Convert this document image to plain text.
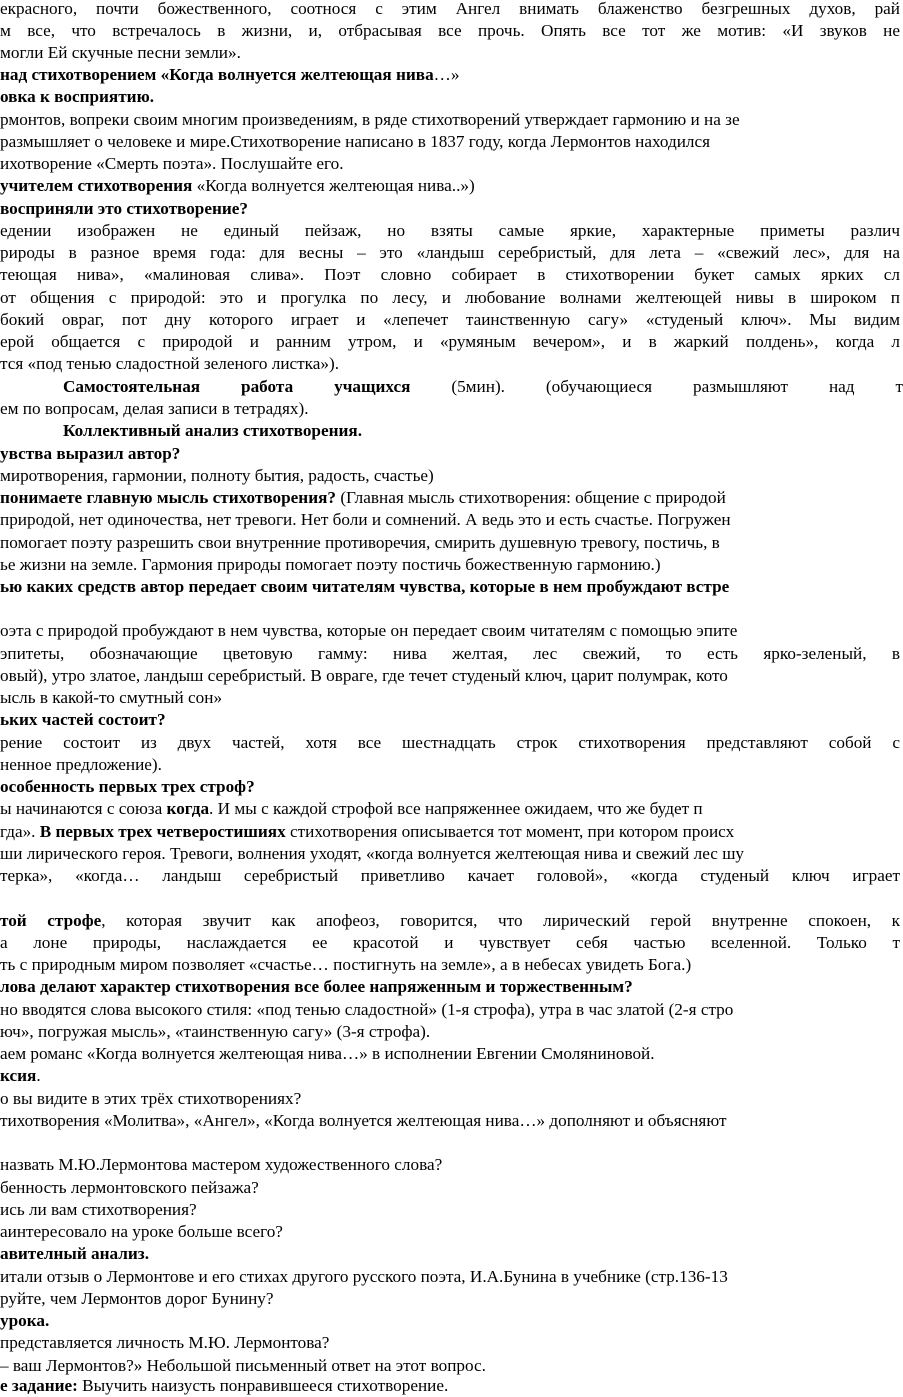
екрасного, почти божественного, соотнося с этим Ангел внимать блаженство безгрешных духов, рай
м все, что встречалось в жизни, и, отбрасывая все прочь. Опять все тот же мотив: «И звуков не
могли Ей скучные песни земли».
над стихотворением «Когда волнуется желтеющая нива…»
овка к восприятию.
рмонтов, вопреки своим многим произведениям, в ряде стихотворений утверждает гармонию и на зе
размышляет о человеке и мире.Стихотворение написано в 1837 году, когда Лермонтов находился
ихотворение «Смерть поэта». Послушайте его.
учителем стихотворения «Когда волнуется желтеющая нива..»)
восприняли это стихотворение?
едении изображен не единый пейзаж, но взяты самые яркие, характерные приметы различ
рироды в разное время года: для весны – это «ландыш серебристый, для лета – «свежий лес», для на
теющая нива», «малиновая слива». Поэт словно собирает в стихотворении букет самых ярких сл
от общения с природой: это и прогулка по лесу, и любование волнами желтеющей нивы в широком п
бокий овраг, пот дну которого играет и «лепечет таинственную сагу» «студеный ключ». Мы видим
ерой общается с природой и ранним утром, и «румяным вечером», и в жаркий полдень», когда л
тся «под тенью сладостной зеленого листка»).
Самостоятельная работа учащихся (5мин). (обучающиеся размышляют над т
ем по вопросам, делая записи в тетрадях).
Коллективный анализ стихотворения.
увства выразил автор?
миротворения, гармонии, полноту бытия, радость, счастье)
понимаете главную мысль стихотворения? (Главная мысль стихотворения: общение с природой
природой, нет одиночества, нет тревоги. Нет боли и сомнений. А ведь это и есть счастье. Погружен
помогает поэту разрешить свои внутренние противоречия, смирить душевную тревогу, постичь, в
ье жизни на земле. Гармония природы помогает поэту постичь божественную гармонию.)
ью каких средств автор передает своим читателям чувства, которые в нем пробуждают встре
оэта с природой пробуждают в нем чувства, которые он передает своим читателям с помощью эпите
эпитеты, обозначающие цветовую гамму: нива желтая, лес свежий, то есть ярко-зеленый, в
овый), утро златое, ландыш серебристый. В овраге, где течет студеный ключ, царит полумрак, кото
ысль в какой-то смутный сон»
ьких частей состоит?
рение состоит из двух частей, хотя все шестнадцать строк стихотворения представляют собой с
ненное предложение).
особенность первых трех строф?
ы начинаются с союза когда. И мы с каждой строфой все напряженнее ожидаем, что же будет п
гда». В первых трех четверостишиях стихотворения описывается тот момент, при котором происх
ши лирического героя. Тревоги, волнения уходят, «когда волнуется желтеющая нива и свежий лес шу
терка», «когда… ландыш серебристый приветливо качает головой», «когда студеный ключ играет
той строфе, которая звучит как апофеоз, говорится, что лирический герой внутренне спокоен, к
а лоне природы, наслаждается ее красотой и чувствует себя частью вселенной. Только т
ть с природным миром позволяет «счастье… постигнуть на земле», а в небесах увидеть Бога.)
лова делают характер стихотворения все более напряженным и торжественным?
но вводятся слова высокого стиля: «под тенью сладостной» (1-я строфа), утра в час златой (2-я стро
юч», погружая мысль», «таинственную сагу» (3-я строфа).
аем романс «Когда волнуется желтеющая нива…» в исполнении Евгении Смоляниновой.
ксия.
о вы видите в этих трёх стихотворениях?
тихотворения «Молитва», «Ангел», «Когда волнуется желтеющая нива…» дополняют и объясняют
назвать М.Ю.Лермонтова мастером художественного слова?
бенность лермонтовского пейзажа?
ись ли вам стихотворения?
аинтересовало на уроке больше всего?
авителный анализ.
итали отзыв о Лермонтове и его стихах другого русского поэта, И.А.Бунина в учебнике (стр.136-13
руйте, чем Лермонтов дорог Бунину?
урока.
представляется личность М.Ю. Лермонтова?
– ваш Лермонтов?» Небольшой письменный ответ на этот вопрос.
е задание: Выучить наизусть понравившееся стихотворение.
